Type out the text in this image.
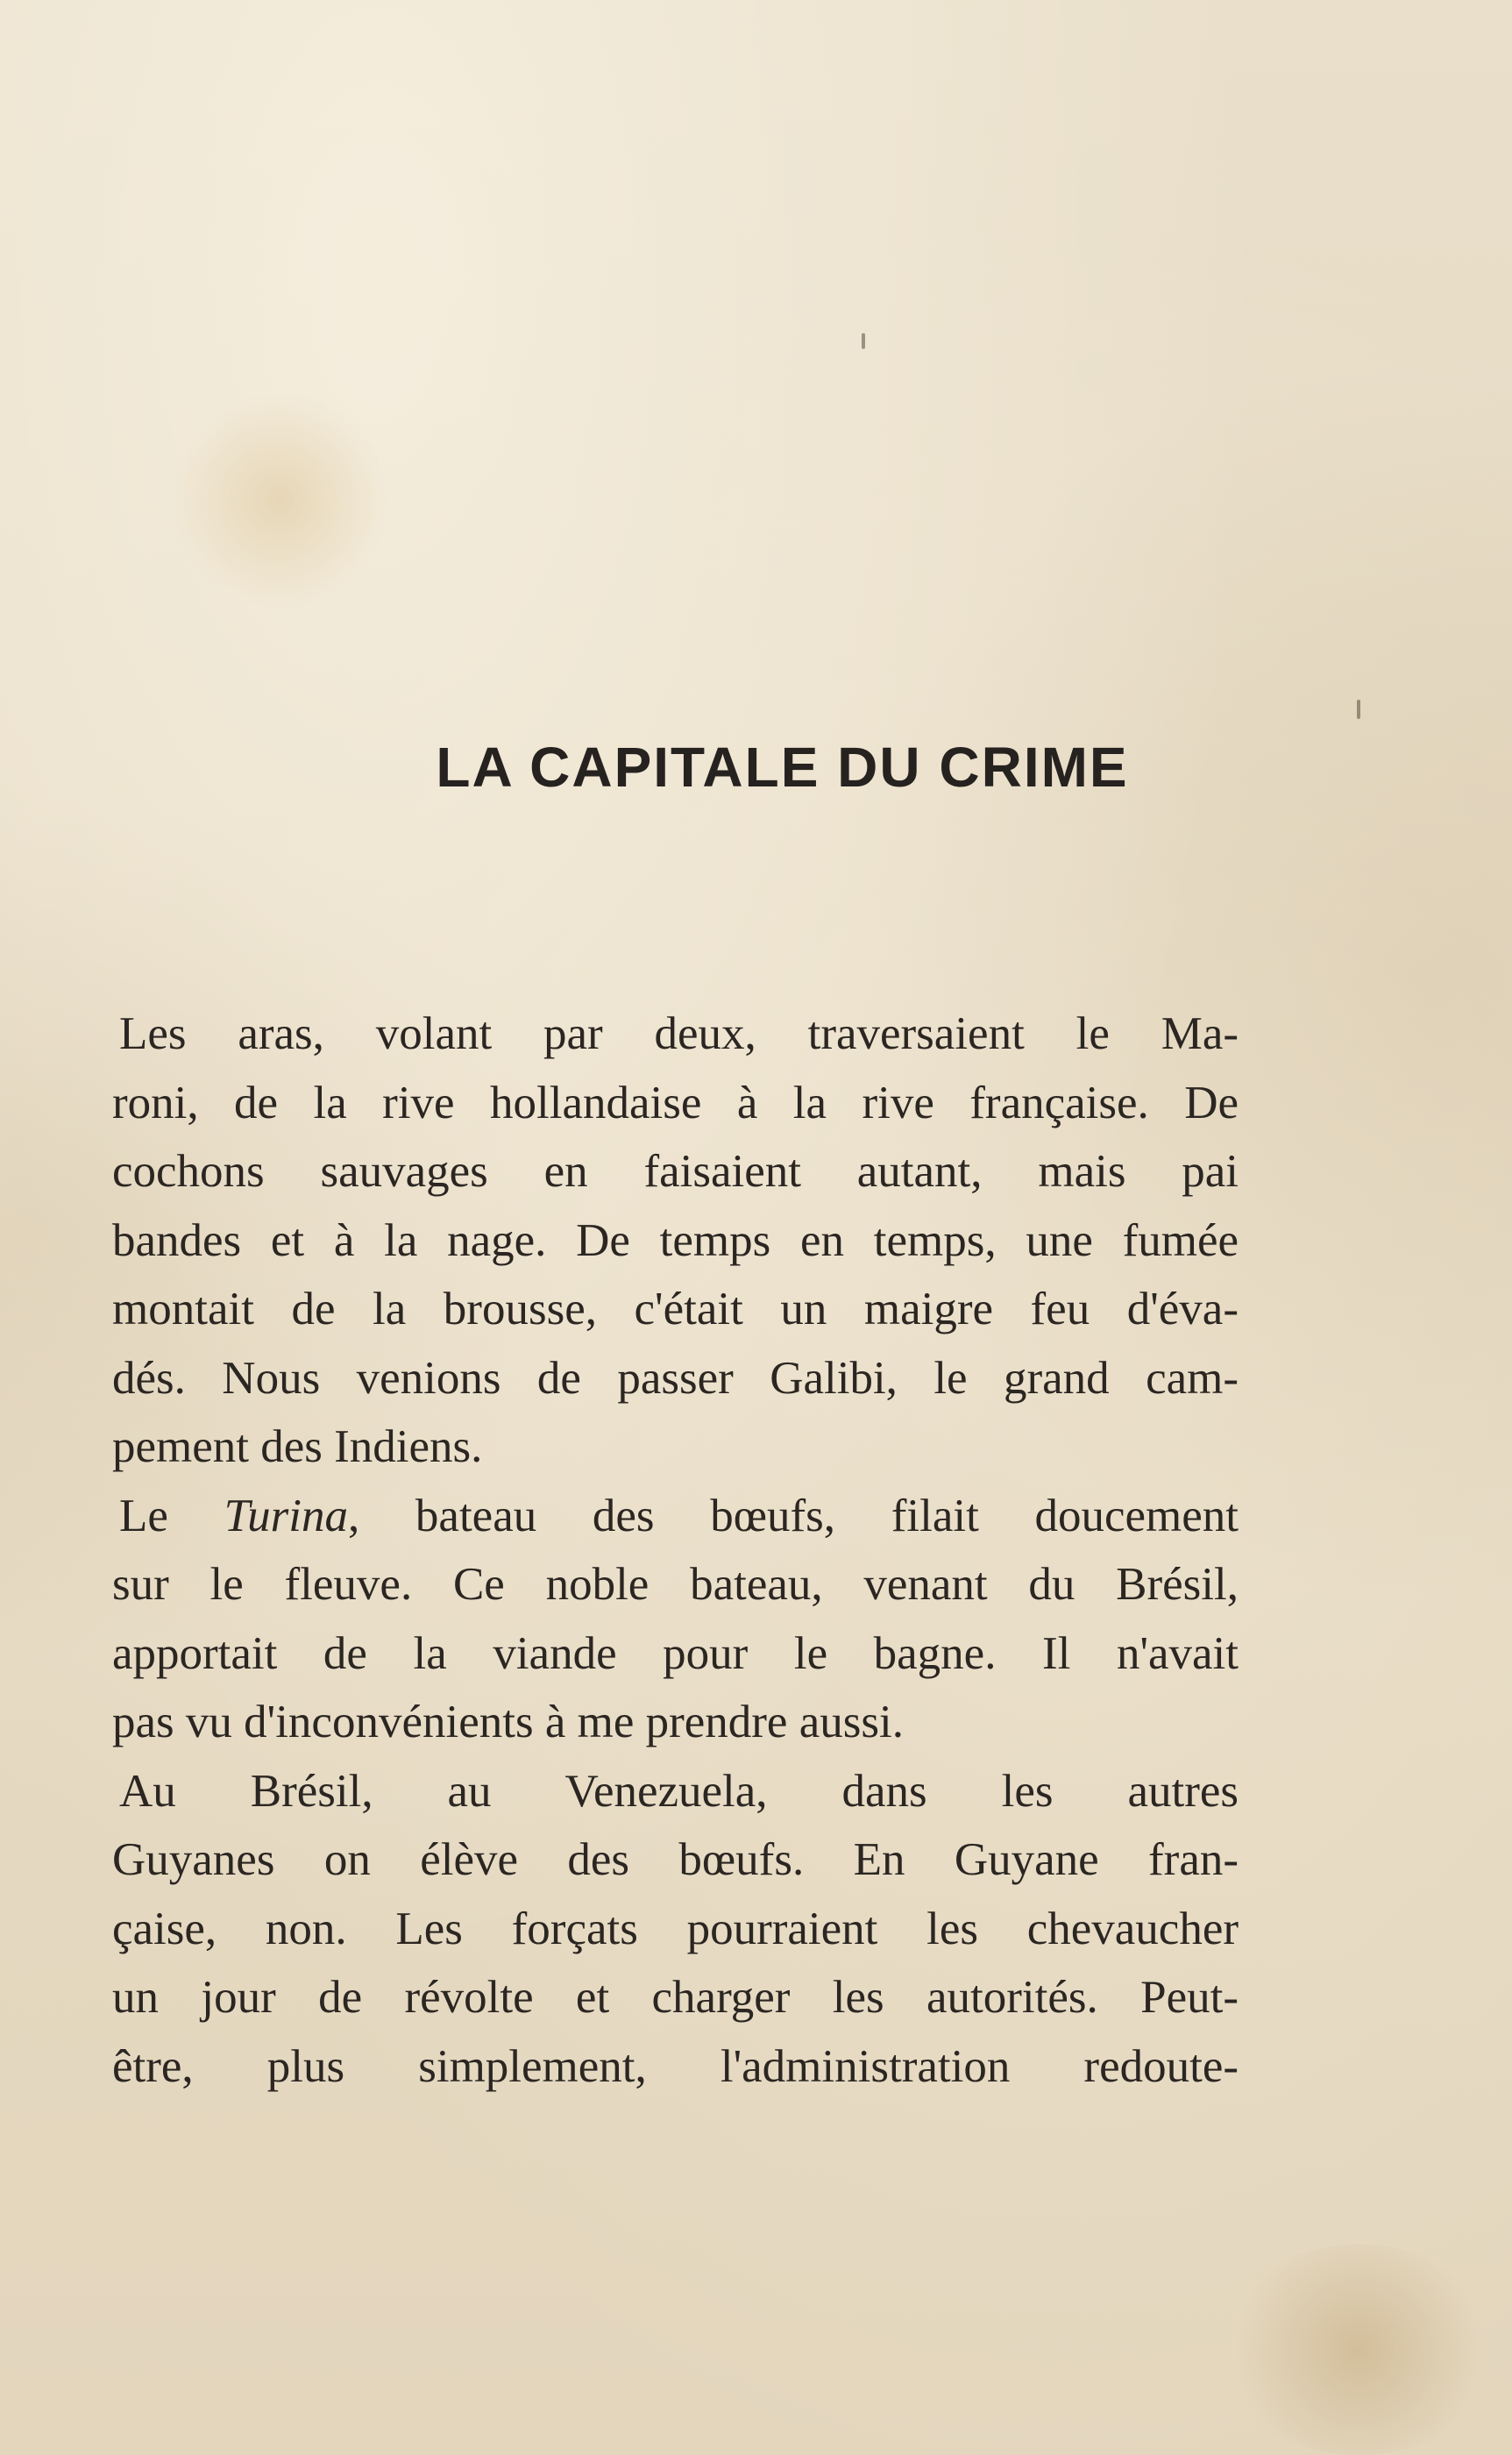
LA CAPITALE DU CRIME
Les aras, volant par deux, traversaient le Ma-
roni, de la rive hollandaise à la rive française. De
cochons sauvages en faisaient autant, mais pai
bandes et à la nage. De temps en temps, une fumée
montait de la brousse, c'était un maigre feu d'éva-
dés. Nous venions de passer Galibi, le grand cam-
pement des Indiens.
Le Turina, bateau des bœufs, filait doucement
sur le fleuve. Ce noble bateau, venant du Brésil,
apportait de la viande pour le bagne. Il n'avait
pas vu d'inconvénients à me prendre aussi.
Au Brésil, au Venezuela, dans les autres
Guyanes on élève des bœufs. En Guyane fran-
çaise, non. Les forçats pourraient les chevaucher
un jour de révolte et charger les autorités. Peut-
être, plus simplement, l'administration redoute-
